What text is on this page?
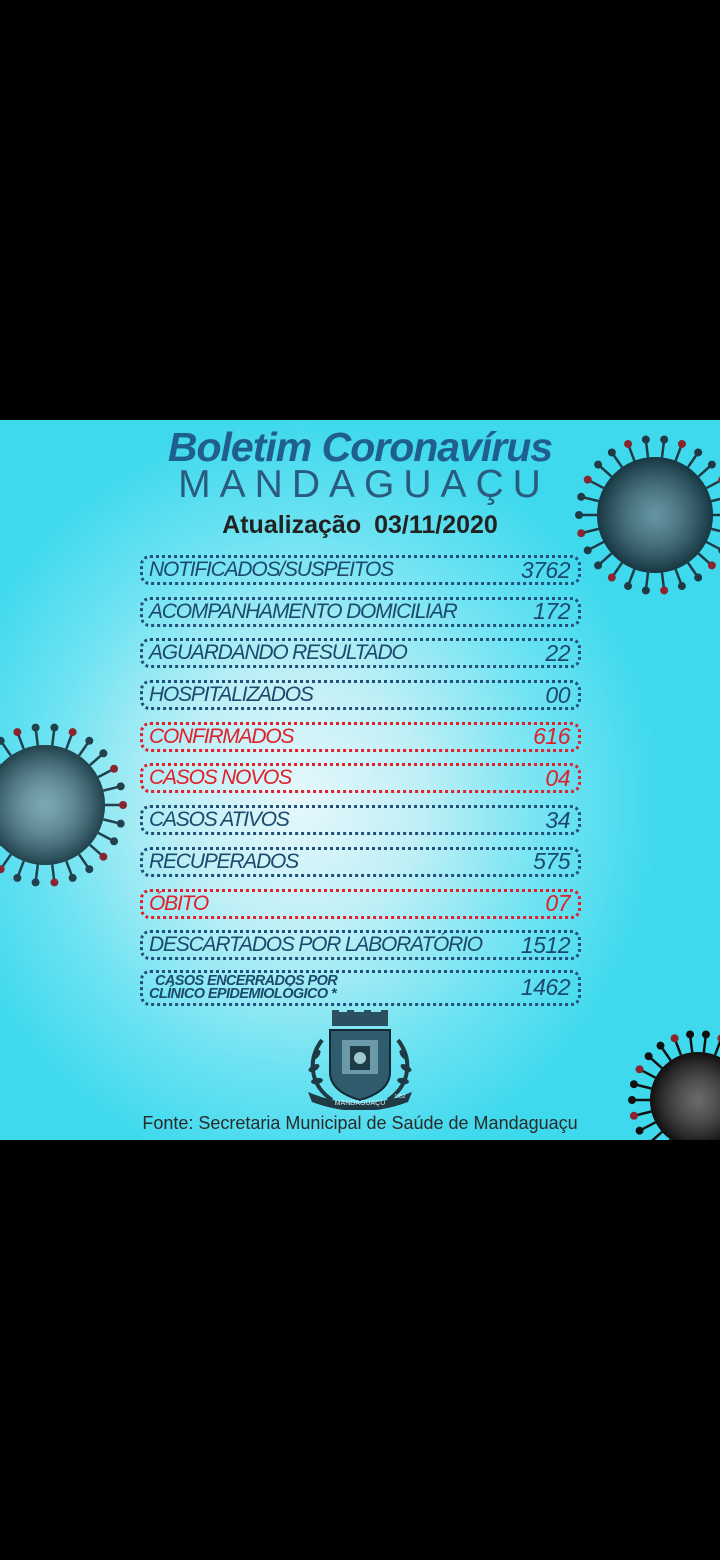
Boletim Coronavírus
MANDAGUAÇU
Atualização 03/11/2020
NOTIFICADOS/SUSPEITOS	3762
ACOMPANHAMENTO DOMICILIAR	172
AGUARDANDO RESULTADO	22
HOSPITALIZADOS	00
CONFIRMADOS	616
CASOS NOVOS	04
CASOS ATIVOS	34
RECUPERADOS	575
ÓBITO	07
DESCARTADOS POR LABORATÓRIO 1512
CASOS ENCERRADOS POR
CLÍNICO EPIDEMIOLÓGICO *	1462
MANDAGUAÇU
1952
Fonte: Secretaria Municipal de Saúde de Mandaguaçu
